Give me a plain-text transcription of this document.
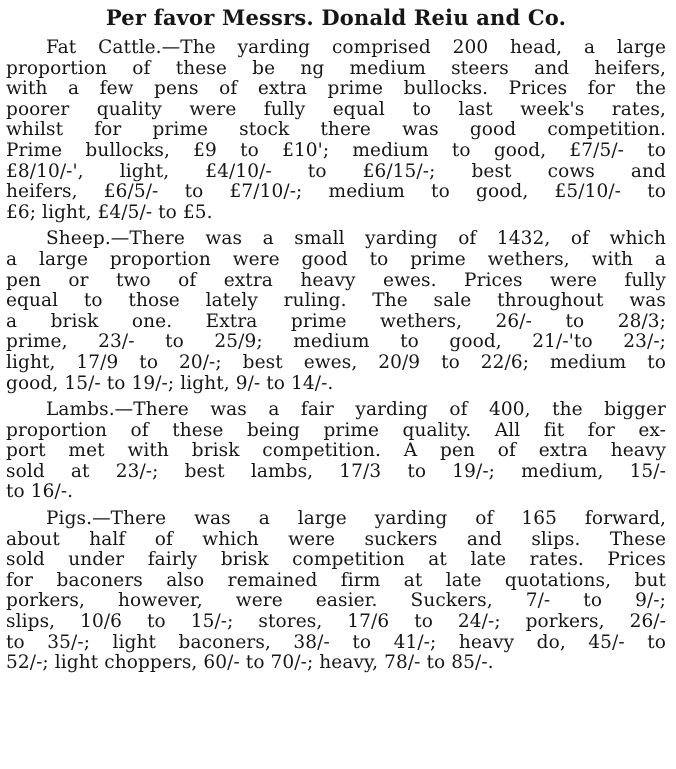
Per favor Messrs. Donald Reiu and Co.
Fat Cattle.—The yarding comprised 200 head, a large
proportion of these be ng medium steers and heifers,
with a few pens of extra prime bullocks. Prices for the
poorer quality were fully equal to last week's rates,
whilst for prime stock there was good competition.
Prime bullocks, £9 to £10'; medium to good, £7/5/- to
£8/10/-', light, £4/10/- to £6/15/-; best cows and
heifers, £6/5/- to £7/10/-; medium to good, £5/10/- to
£6; light, £4/5/- to £5.
Sheep.—There was a small yarding of 1432, of which
a large proportion were good to prime wethers, with a
pen or two of extra heavy ewes. Prices were fully
equal to those lately ruling. The sale throughout was
a brisk one. Extra prime wethers, 26/- to 28/3;
prime, 23/- to 25/9; medium to good, 21/-'to 23/-;
light, 17/9 to 20/-; best ewes, 20/9 to 22/6; medium to
good, 15/- to 19/-; light, 9/- to 14/-.
Lambs.—There was a fair yarding of 400, the bigger
proportion of these being prime quality. All fit for ex-
port met with brisk competition. A pen of extra heavy
sold at 23/-; best lambs, 17/3 to 19/-; medium, 15/-
to 16/-.
Pigs.—There was a large yarding of 165 forward,
about half of which were suckers and slips. These
sold under fairly brisk competition at late rates. Prices
for baconers also remained firm at late quotations, but
porkers, however, were easier. Suckers, 7/- to 9/-;
slips, 10/6 to 15/-; stores, 17/6 to 24/-; porkers, 26/-
to 35/-; light baconers, 38/- to 41/-; heavy do, 45/- to
52/-; light choppers, 60/- to 70/-; heavy, 78/- to 85/-.
